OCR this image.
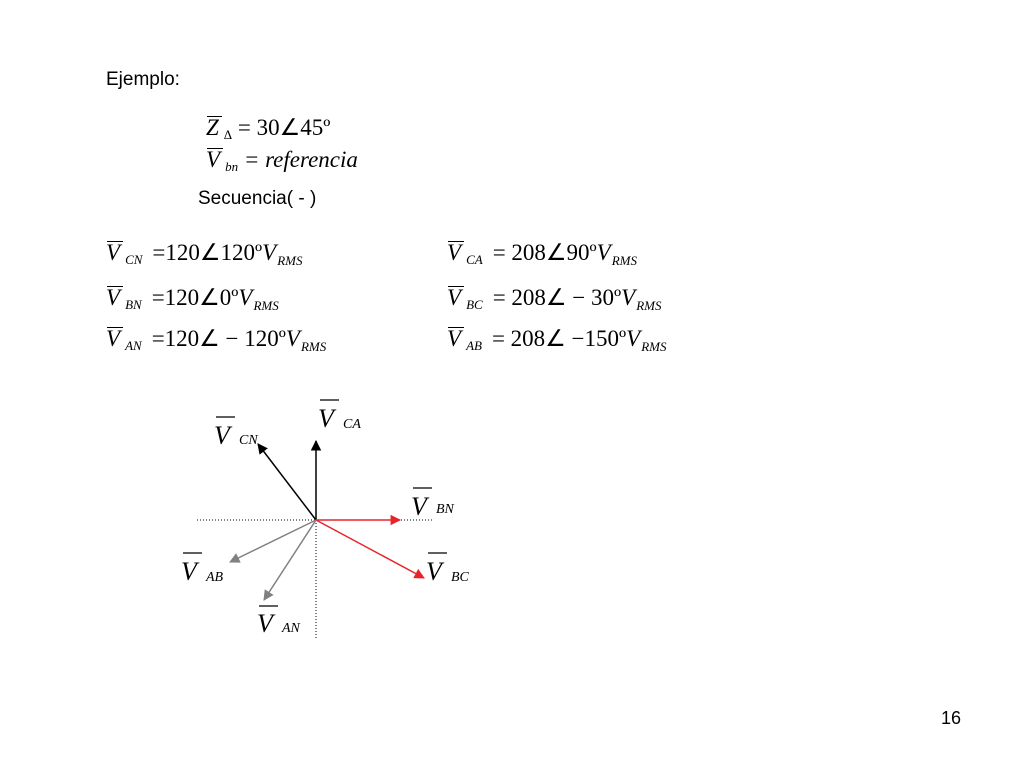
Ejemplo:
Z Δ = 30∠45º
Vbn = referencia
Secuencia( - )
VCN =120∠120ºV$_{RMS}$
VBN =120∠0ºV$_{RMS}$
VAN =120∠ − 120ºV$_{RMS}$
VCA = 208∠90ºV$_{RMS}$
VBC = 208∠ − 30ºV$_{RMS}$
VAB = 208∠ −150ºV$_{RMS}$
V CA
V CN
V BN
V BC
V AB
V AN
16
